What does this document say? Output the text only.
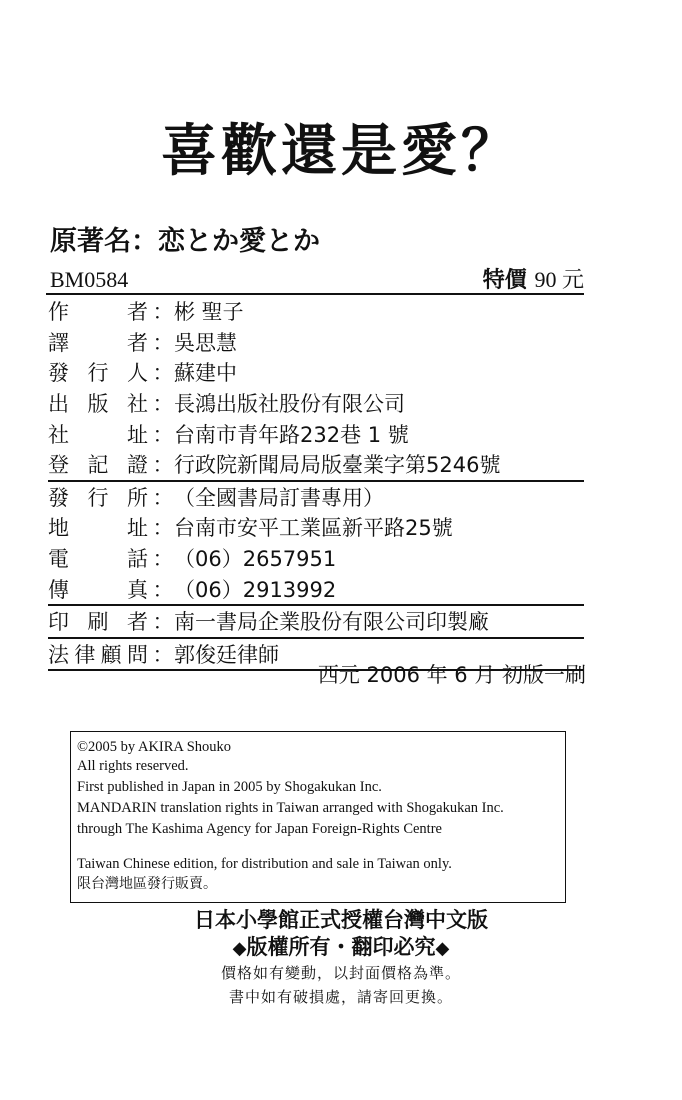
喜歡還是愛？
原著名：恋とか愛とか
BM0584	特價 90 元
作	者 ： 彬 聖子
譯	者 ： 吳思慧
發 行 人 ： 蘇建中
出 版 社 ： 長鴻出版社股份有限公司
社	址 ： 台南市青年路232巷 1 號
登 記 證 ： 行政院新聞局局版臺業字第5246號
發 行 所 ： （全國書局訂書專用）
地	址 ： 台南市安平工業區新平路25號
電	話 ： （06）2657951
傳	真 ： （06）2913992
印 刷 者 ： 南一書局企業股份有限公司印製廠
法 律 顧 問 ： 郭俊廷律師
西元 2006 年 6 月 初版一刷
©2005 by AKIRA Shouko
All rights reserved.
First published in Japan in 2005 by Shogakukan Inc.
MANDARIN translation rights in Taiwan arranged with Shogakukan Inc.
through The Kashima Agency for Japan Foreign-Rights Centre
Taiwan Chinese edition, for distribution and sale in Taiwan only.
限台灣地區發行販賣。
日本小學館正式授權台灣中文版
◆版權所有・翻印必究◆
價格如有變動，以封面價格為準。
書中如有破損處，請寄回更換。
